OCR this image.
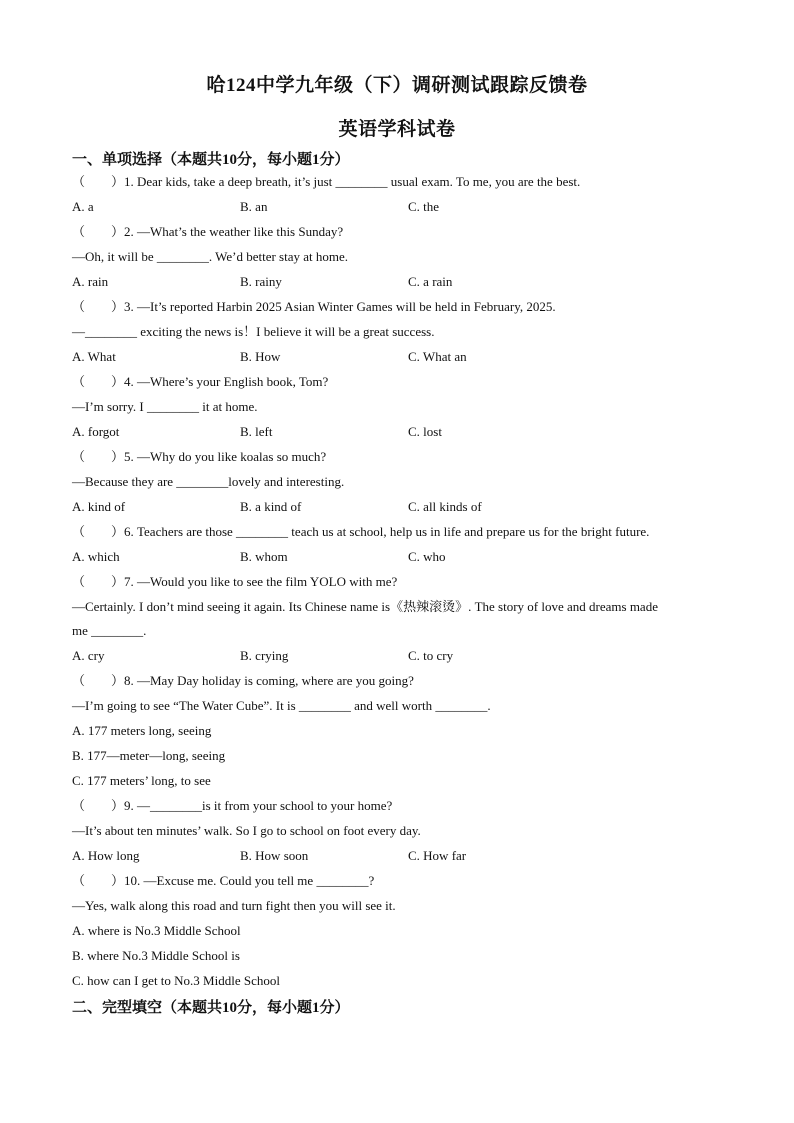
哈124中学九年级（下）调研测试跟踪反馈卷
英语学科试卷
一、单项选择（本题共10分，每小题1分）
（　　）1. Dear kids, take a deep breath, it’s just ________ usual exam. To me, you are the best.
A. a	B. an	C. the
（　　）2. —What’s the weather like this Sunday?
—Oh, it will be ________. We’d better stay at home.
A. rain	B. rainy	C. a rain
（　　）3. —It’s reported Harbin 2025 Asian Winter Games will be held in February, 2025.
—________ exciting the news is！I believe it will be a great success.
A. What	B. How	C. What an
（　　）4. —Where’s your English book, Tom?
—I’m sorry. I ________ it at home.
A. forgot	B. left	C. lost
（　　）5. —Why do you like koalas so much?
—Because they are ________lovely and interesting.
A. kind of	B. a kind of	C. all kinds of
（　　）6. Teachers are those ________ teach us at school, help us in life and prepare us for the bright future.
A. which	B. whom	C. who
（　　）7. —Would you like to see the film YOLO with me?
—Certainly. I don’t mind seeing it again. Its Chinese name is《热辣滚烫》. The story of love and dreams made
me ________.
A. cry	B. crying	C. to cry
（　　）8. —May Day holiday is coming, where are you going?
—I’m going to see “The Water Cube”. It is ________ and well worth ________.
A. 177 meters long, seeing
B. 177—meter—long, seeing
C. 177 meters’ long, to see
（　　）9. —________is it from your school to your home?
—It’s about ten minutes’ walk. So I go to school on foot every day.
A. How long	B. How soon	C. How far
（　　）10. —Excuse me. Could you tell me ________?
—Yes, walk along this road and turn fight then you will see it.
A. where is No.3 Middle School
B. where No.3 Middle School is
C. how can I get to No.3 Middle School
二、完型填空（本题共10分，每小题1分）
